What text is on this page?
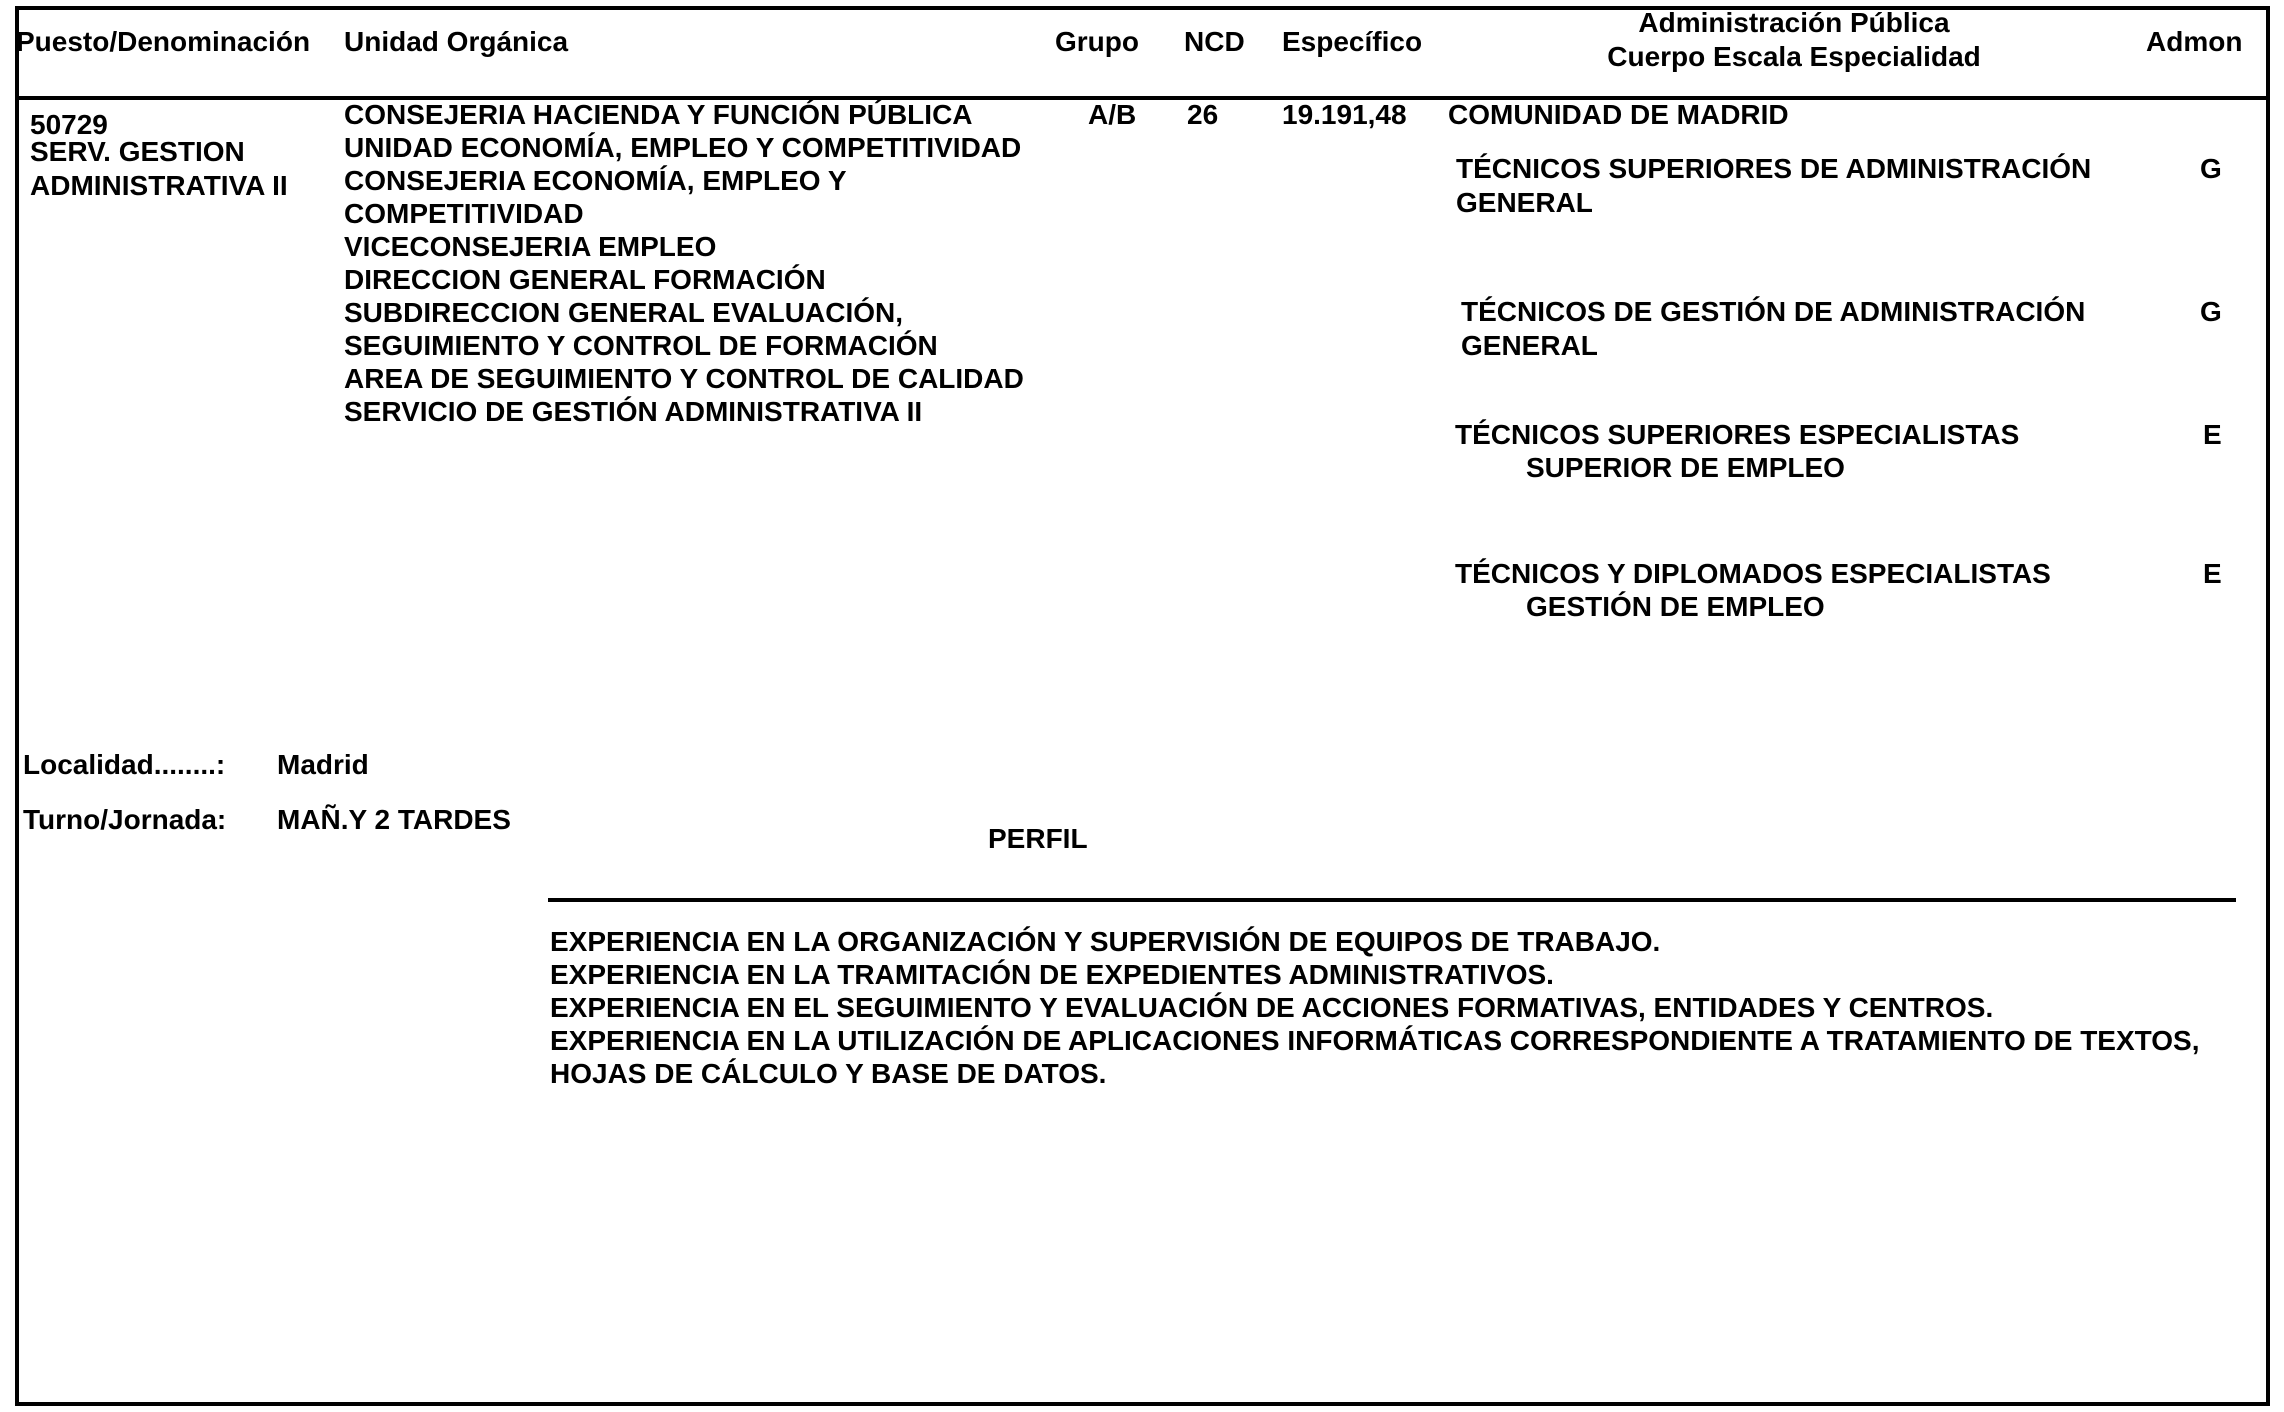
Puesto/Denominación Unidad Orgánica	Grupo NCD Específico
Administración Pública
Cuerpo Escala Especialidad	Admon
50729
SERV. GESTION
ADMINISTRATIVA II
CONSEJERIA HACIENDA Y FUNCIÓN PÚBLICA
UNIDAD ECONOMÍA, EMPLEO Y COMPETITIVIDAD
CONSEJERIA ECONOMÍA, EMPLEO Y
COMPETITIVIDAD
VICECONSEJERIA EMPLEO
DIRECCION GENERAL FORMACIÓN
SUBDIRECCION GENERAL EVALUACIÓN,
SEGUIMIENTO Y CONTROL DE FORMACIÓN
AREA DE SEGUIMIENTO Y CONTROL DE CALIDAD
SERVICIO DE GESTIÓN ADMINISTRATIVA II
A/B 26 19.191,48 COMUNIDAD DE MADRID
TÉCNICOS SUPERIORES DE ADMINISTRACIÓN
GENERAL
G
TÉCNICOS DE GESTIÓN DE ADMINISTRACIÓN
GENERAL
G
TÉCNICOS SUPERIORES ESPECIALISTAS
SUPERIOR DE EMPLEO
E
TÉCNICOS Y DIPLOMADOS ESPECIALISTAS
GESTIÓN DE EMPLEO
E
Localidad........: Madrid
Turno/Jornada: MAÑ.Y 2 TARDES
PERFIL
EXPERIENCIA EN LA ORGANIZACIÓN Y SUPERVISIÓN DE EQUIPOS DE TRABAJO.
EXPERIENCIA EN LA TRAMITACIÓN DE EXPEDIENTES ADMINISTRATIVOS.
EXPERIENCIA EN EL SEGUIMIENTO Y EVALUACIÓN DE ACCIONES FORMATIVAS, ENTIDADES Y CENTROS.
EXPERIENCIA EN LA UTILIZACIÓN DE APLICACIONES INFORMÁTICAS CORRESPONDIENTE A TRATAMIENTO DE TEXTOS,
HOJAS DE CÁLCULO Y BASE DE DATOS.
